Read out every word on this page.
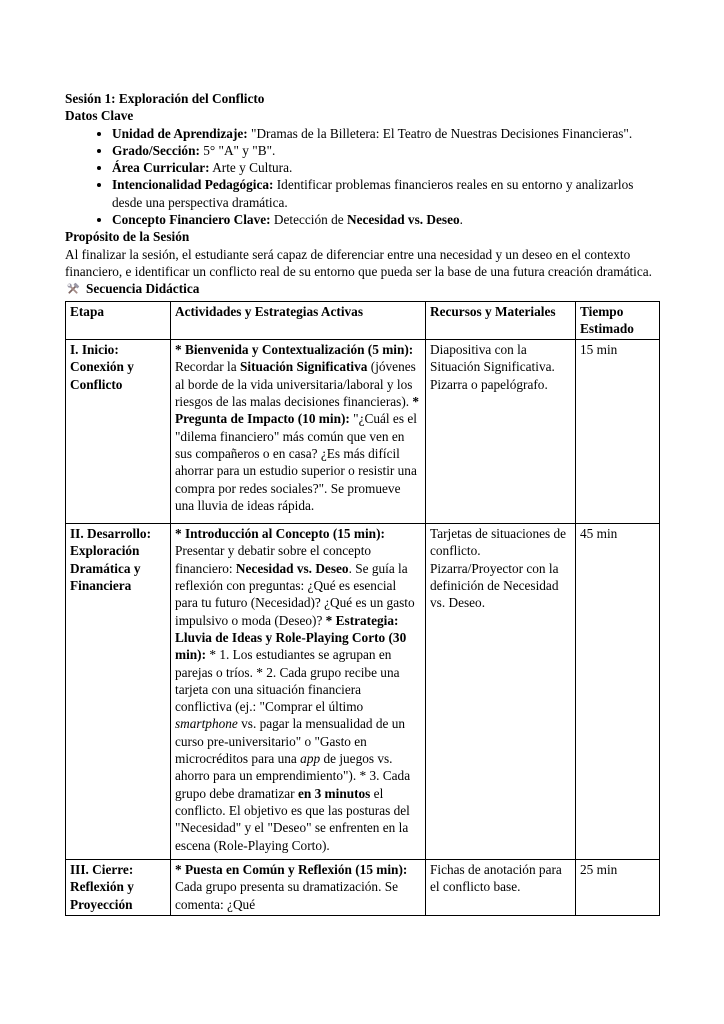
Sesión 1: Exploración del Conflicto

Datos Clave

• Unidad de Aprendizaje: "Dramas de la Billetera: El Teatro de Nuestras Decisiones Financieras".
• Grado/Sección: 5° "A" y "B".
• Área Curricular: Arte y Cultura.
• Intencionalidad Pedagógica: Identificar problemas financieros reales en su entorno y analizarlos desde una perspectiva dramática.
• Concepto Financiero Clave: Detección de Necesidad vs. Deseo.

Propósito de la Sesión

Al finalizar la sesión, el estudiante será capaz de diferenciar entre una necesidad y un deseo en el contexto financiero, e identificar un conflicto real de su entorno que pueda ser la base de una futura creación dramática.

Secuencia Didáctica

Etapa	Actividades y Estrategias Activas	Recursos y Materiales	Tiempo Estimado
I. Inicio: Conexión y Conflicto	* Bienvenida y Contextualización (5 min): Recordar la Situación Significativa (jóvenes al borde de la vida universitaria/laboral y los riesgos de las malas decisiones financieras). * Pregunta de Impacto (10 min): "¿Cuál es el "dilema financiero" más común que ven en sus compañeros o en casa? ¿Es más difícil ahorrar para un estudio superior o resistir una compra por redes sociales?". Se promueve una lluvia de ideas rápida.	Diapositiva con la Situación Significativa. Pizarra o papelógrafo.	15 min
II. Desarrollo: Exploración Dramática y Financiera	* Introducción al Concepto (15 min): Presentar y debatir sobre el concepto financiero: Necesidad vs. Deseo. Se guía la reflexión con preguntas: ¿Qué es esencial para tu futuro (Necesidad)? ¿Qué es un gasto impulsivo o moda (Deseo)? * Estrategia: Lluvia de Ideas y Role-Playing Corto (30 min): * 1. Los estudiantes se agrupan en parejas o tríos. * 2. Cada grupo recibe una tarjeta con una situación financiera conflictiva (ej.: "Comprar el último smartphone vs. pagar la mensualidad de un curso pre-universitario" o "Gasto en microcréditos para una app de juegos vs. ahorro para un emprendimiento"). * 3. Cada grupo debe dramatizar en 3 minutos el conflicto. El objetivo es que las posturas del "Necesidad" y el "Deseo" se enfrenten en la escena (Role-Playing Corto).	Tarjetas de situaciones de conflicto. Pizarra/Proyector con la definición de Necesidad vs. Deseo.	45 min
III. Cierre: Reflexión y Proyección	* Puesta en Común y Reflexión (15 min): Cada grupo presenta su dramatización. Se comenta: ¿Qué	Fichas de anotación para el conflicto base.	25 min
